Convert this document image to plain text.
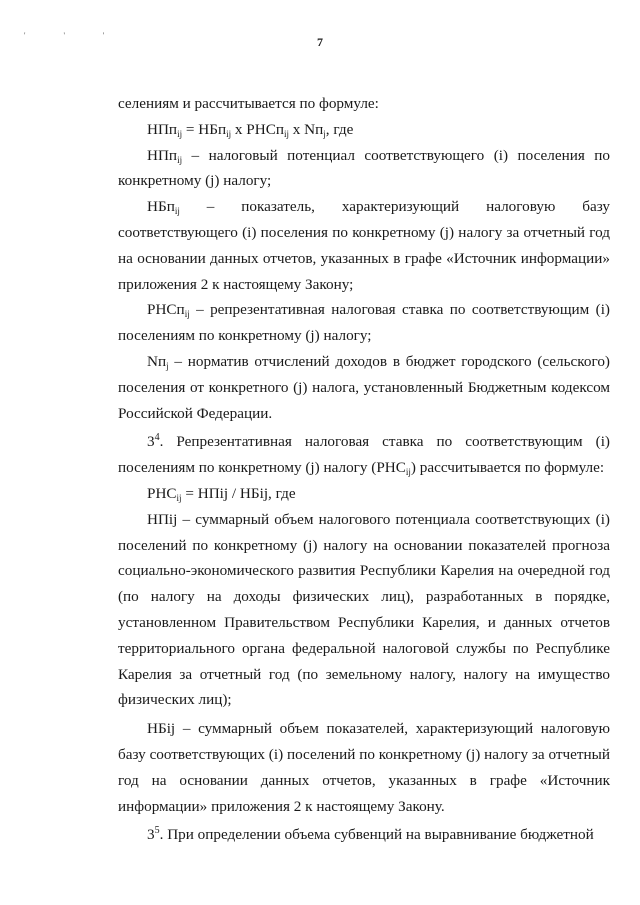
' ' '	7

селениям и рассчитывается по формуле:

НПп$_{ij}$ = НБп$_{ij}$ x РНСп$_{ij}$ x $Nп_j$, где

НПп$_{ij}$ – налоговый потенциал соответствующего (i) поселения по конкретному (j) налогу;

НБп$_{ij}$ – показатель, характеризующий налоговую базу соответствующего (i) поселения по конкретному (j) налогу за отчетный год на основании данных отчетов, указанных в графе «Источник информации» приложения 2 к настоящему Закону;

РНСп$_{ij}$ – репрезентативная налоговая ставка по соответствующим (i) поселениям по конкретному (j) налогу;

$Nп_j$ – норматив отчислений доходов в бюджет городского (сельского) поселения от конкретного (j) налога, установленный Бюджетным кодексом Российской Федерации.

$3^4$. Репрезентативная налоговая ставка по соответствующим (i) поселениям по конкретному (j) налогу $(РНС_{ij})$ рассчитывается по формуле:

$РНС_{ij}$ = НПij / НБij, где

НПij – суммарный объем налогового потенциала соответствующих (i) поселений по конкретному (j) налогу на основании показателей прогноза социально-экономического развития Республики Карелия на очередной год (по налогу на доходы физических лиц), разработанных в порядке, установленном Правительством Республики Карелия, и данных отчетов территориального органа федеральной налоговой службы по Республике Карелия за отчетный год (по земельному налогу, налогу на имущество физических лиц);

НБij – суммарный объем показателей, характеризующий налоговую базу соответствующих (i) поселений по конкретному (j) налогу за отчетный год на основании данных отчетов, указанных в графе «Источник информации» приложения 2 к настоящему Закону.

$3^5$. При определении объема субвенций на выравнивание бюджетной
